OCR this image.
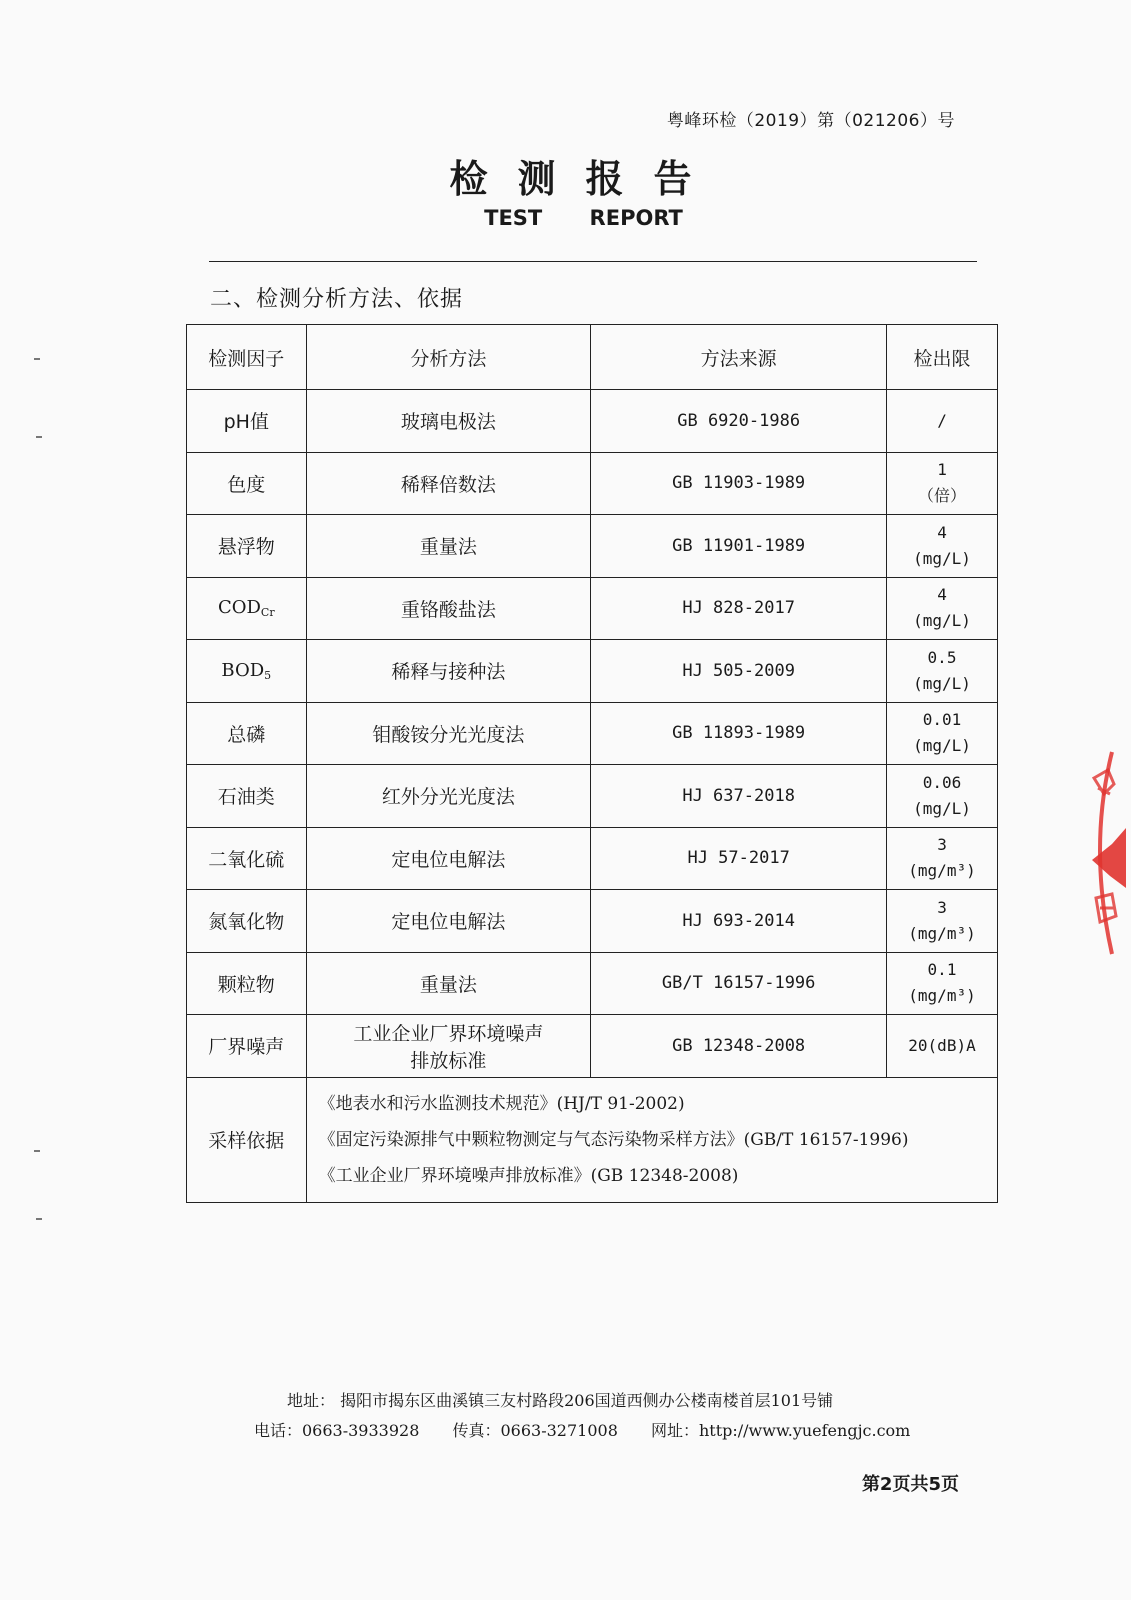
粤峰环检（2019）第（021206）号
检测报告
TEST REPORT
二、检测分析方法、依据
检测因子	分析方法	方法来源	检出限
pH值	玻璃电极法	GB 6920-1986	/

色度	稀释倍数法	GB 11903-1989	1
（倍）

悬浮物	重量法	GB 11901-1989	4
(mg/L)

$COD_{Cr}$	重铬酸盐法	HJ 828-2017	4
(mg/L)

$BOD_5$	稀释与接种法	HJ 505-2009	0.5
(mg/L)

总磷	钼酸铵分光光度法	GB 11893-1989	0.01
(mg/L)

石油类	红外分光光度法	HJ 637-2018	0.06
(mg/L)

二氧化硫	定电位电解法	HJ 57-2017	3
(mg/m³)

氮氧化物	定电位电解法	HJ 693-2014	3
(mg/m³)

颗粒物	重量法	GB/T 16157-1996	0.1
(mg/m³)

厂界噪声	工业企业厂界环境噪声
排放标准	GB 12348-2008	20(dB)A

采样依据	《地表水和污水监测技术规范》(HJ/T 91-2002)
《固定污染源排气中颗粒物测定与气态污染物采样方法》(GB/T 16157-1996)
《工业企业厂界环境噪声排放标准》(GB 12348-2008)		
地址： 揭阳市揭东区曲溪镇三友村路段206国道西侧办公楼南楼首层101号铺
电话：0663-3933928 传真：0663-3271008 网址：http://www.yuefengjc.com
第2页共5页
